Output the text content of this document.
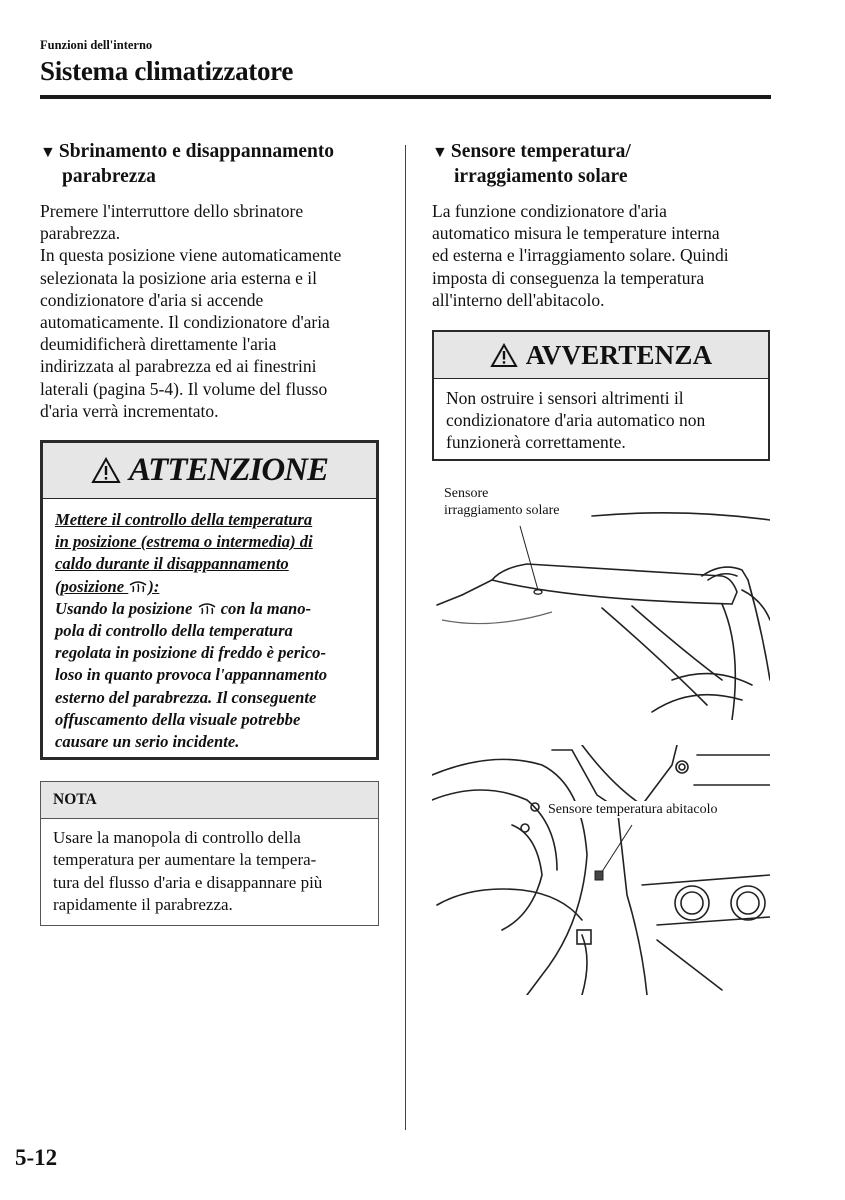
Funzioni dell'interno
Sistema climatizzatore
▼ Sbrinamento e disappannamento
parabrezza
Premere l'interruttore dello sbrinatore
parabrezza.
In questa posizione viene automaticamente
selezionata la posizione aria esterna e il
condizionatore d'aria si accende
automaticamente. Il condizionatore d'aria
deumidificherà direttamente l'aria
indirizzata al parabrezza ed ai finestrini
laterali (pagina 5-4). Il volume del flusso
d'aria verrà incrementato.
ATTENZIONE
Mettere il controllo della temperatura
in posizione (estrema o intermedia) di
caldo durante il disappannamento
(posizione ):
Usando la posizione  con la mano-
pola di controllo della temperatura
regolata in posizione di freddo è perico-
loso in quanto provoca l'appannamento
esterno del parabrezza. Il conseguente
offuscamento della visuale potrebbe
causare un serio incidente.
NOTA
Usare la manopola di controllo della
temperatura per aumentare la tempera-
tura del flusso d'aria e disappannare più
rapidamente il parabrezza.
▼ Sensore temperatura/
irraggiamento solare
La funzione condizionatore d'aria
automatico misura le temperature interna
ed esterna e l'irraggiamento solare. Quindi
imposta di conseguenza la temperatura
all'interno dell'abitacolo.
AVVERTENZA
Non ostruire i sensori altrimenti il
condizionatore d'aria automatico non
funzionerà correttamente.
Sensore
irraggiamento solare
Sensore temperatura abitacolo
5-12
